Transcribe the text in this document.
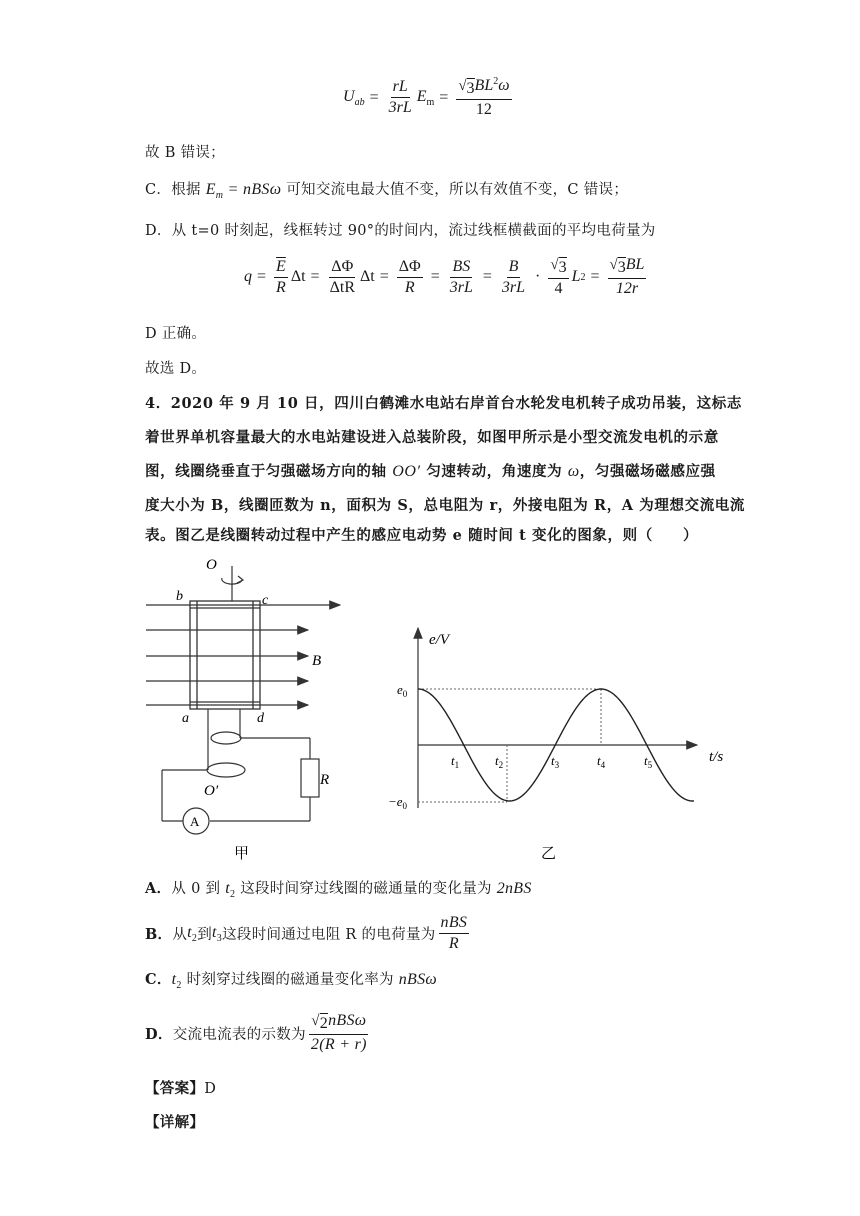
$U_{ab} = \frac{rL}{3rL} E_m = \frac{√ 3 BL^2\omega}{12}$
故 B 错误；
C．根据 $E_m = nBS\omega$ 可知交流电最大值不变，所以有效值不变，C 错误；
D．从 t=0 时刻起，线框转过 90°的时间内，流过线框横截面的平均电荷量为
$q = \frac{\overline{E}}{R}$ $\Delta t = \frac{\Delta\Phi}{\text{ΔtR}}$ $\Delta t = \frac{\Delta\Phi}{R} = \frac{BS}{3rL} = \frac{B}{3rL} \cdot \frac{√ 3}{4}$ L $2 = \frac{√ 3 BL}{12r}$
D 正确。
故选 D。
4．2020 年 9 月 10 日，四川白鹤滩水电站右岸首台水轮发电机转子成功吊装，这标志
着世界单机容量最大的水电站建设进入总装阶段，如图甲所示是小型交流发电机的示意
图，线圈绕垂直于匀强磁场方向的轴 OO′ 匀速转动，角速度为 ω，匀强磁场磁感应强
度大小为 B，线圈匝数为 n，面积为 S，总电阻为 r，外接电阻为 R，A 为理想交流电流
表。图乙是线圈转动过程中产生的感应电动势 e 随时间 t 变化的图象，则（　　）
O
b	c
B
a	d
O′
R
A
甲
e/V
$e_0$
$-e_0$
t/s
$t_1$	$t_2$	$t_3$	$t_4$	$t_5$
乙
A．从 0 到 $t_2$ 这段时间穿过线圈的磁通量的变化量为 2nBS
B． 从 $t_2$ 到 $t_3$ 这段时间通过电阻 R 的电荷量为 $\frac{\text{nBS}}{R}$
C．$t_2$ 时刻穿过线圈的磁通量变化率为 nBSω
D． 交流电流表的示数为 $\frac{\text{√ 2 nBSω}}{2(R + r)}$
【答案】D
【详解】
